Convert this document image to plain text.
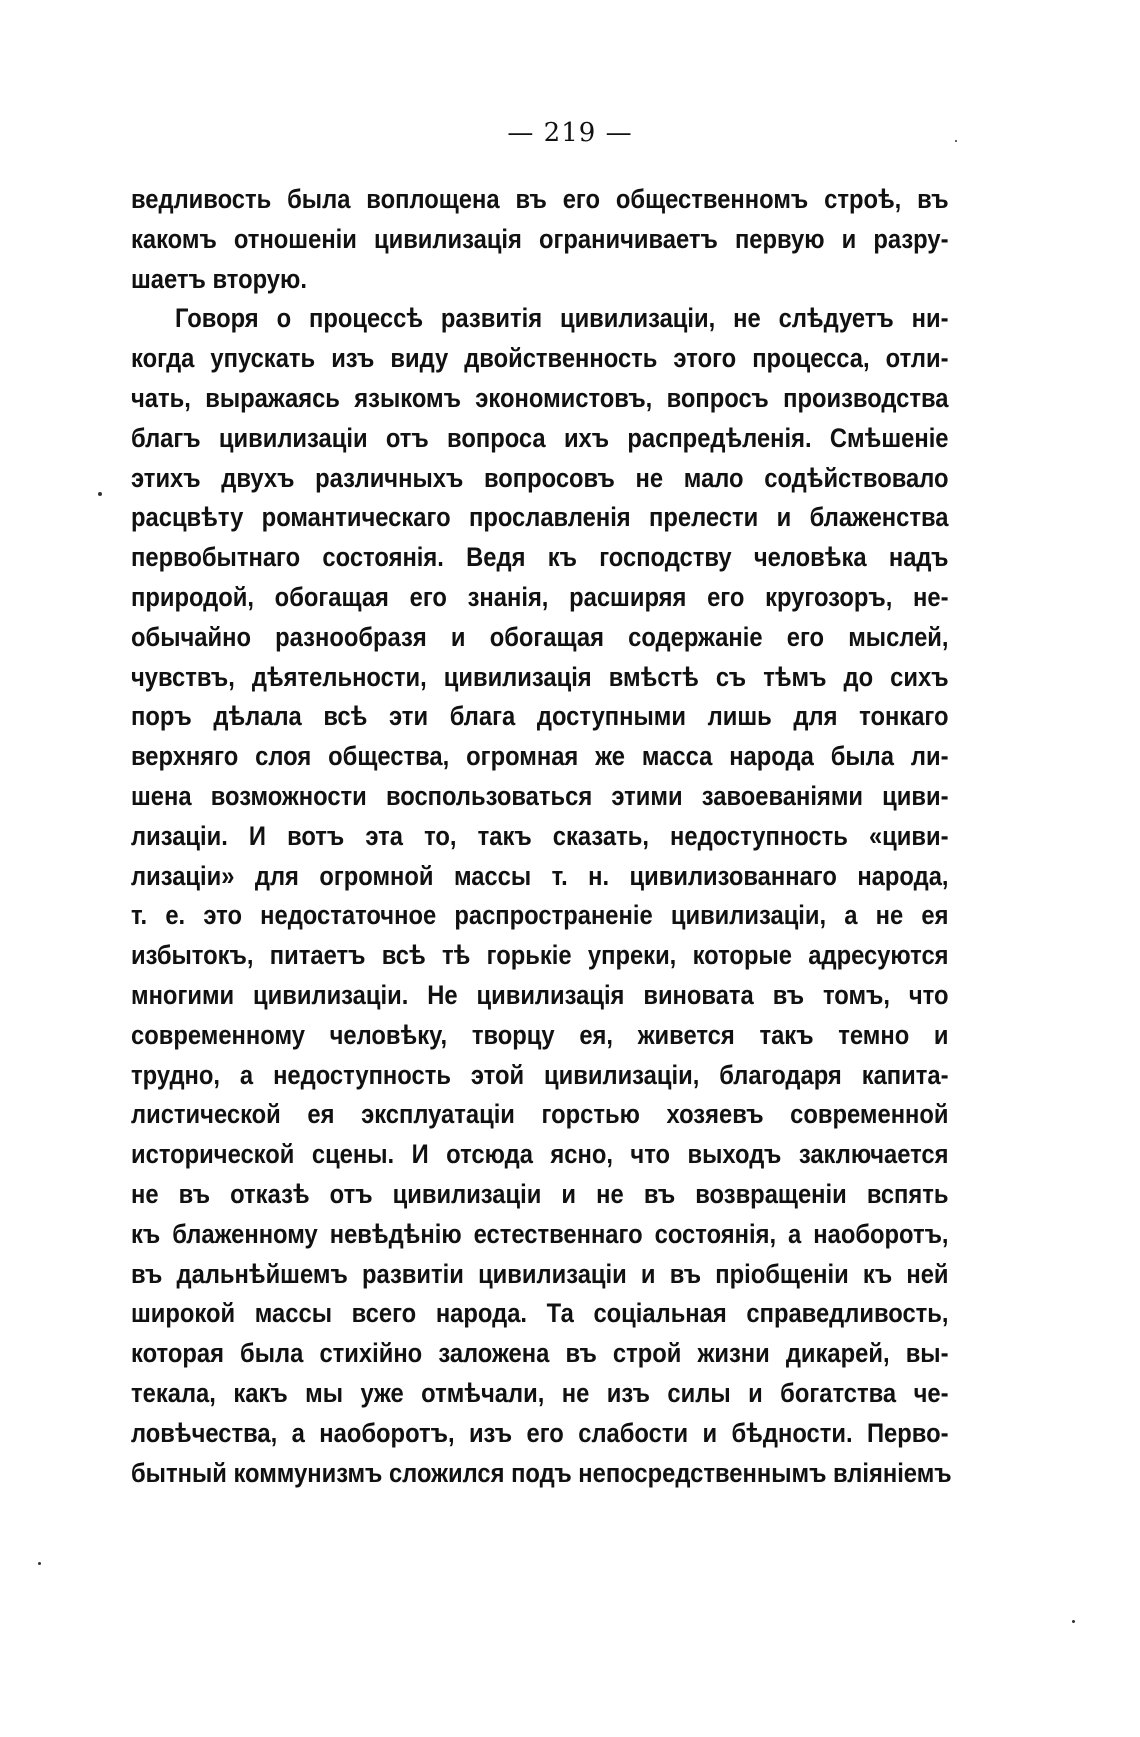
— 219 —
ведливость была воплощена въ его общественномъ строѣ, въ
какомъ отношеніи цивилизація ограничиваетъ первую и разру-
шаетъ вторую.
Говоря о процессѣ развитія цивилизаціи, не слѣдуетъ ни-
когда упускать изъ виду двойственность этого процесса, отли-
чать, выражаясь языкомъ экономистовъ, вопросъ производства
благъ цивилизаціи отъ вопроса ихъ распредѣленія. Смѣшеніе
этихъ двухъ различныхъ вопросовъ не мало содѣйствовало
расцвѣту романтическаго прославленія прелести и блаженства
первобытнаго состоянія. Ведя къ господству человѣка надъ
природой, обогащая его знанія, расширяя его кругозоръ, не-
обычайно разнообразя и обогащая содержаніе его мыслей,
чувствъ, дѣятельности, цивилизація вмѣстѣ съ тѣмъ до сихъ
поръ дѣлала всѣ эти блага доступными лишь для тонкаго
верхняго слоя общества, огромная же масса народа была ли-
шена возможности воспользоваться этими завоеваніями циви-
лизаціи. И вотъ эта то, такъ сказать, недоступность «циви-
лизаціи» для огромной массы т. н. цивилизованнаго народа,
т. е. это недостаточное распространеніе цивилизаціи, а не ея
избытокъ, питаетъ всѣ тѣ горькіе упреки, которые адресуются
многими цивилизаціи. Не цивилизація виновата въ томъ, что
современному человѣку, творцу ея, живется такъ темно и
трудно, а недоступность этой цивилизаціи, благодаря капита-
листической ея эксплуатаціи горстью хозяевъ современной
исторической сцены. И отсюда ясно, что выходъ заключается
не въ отказѣ отъ цивилизаціи и не въ возвращеніи вспять
къ блаженному невѣдѣнію естественнаго состоянія, а наоборотъ,
въ дальнѣйшемъ развитіи цивилизаціи и въ пріобщеніи къ ней
широкой массы всего народа. Та соціальная справедливость,
которая была стихійно заложена въ строй жизни дикарей, вы-
текала, какъ мы уже отмѣчали, не изъ силы и богатства че-
ловѣчества, а наоборотъ, изъ его слабости и бѣдности. Перво-
бытный коммунизмъ сложился подъ непосредственнымъ вліяніемъ
